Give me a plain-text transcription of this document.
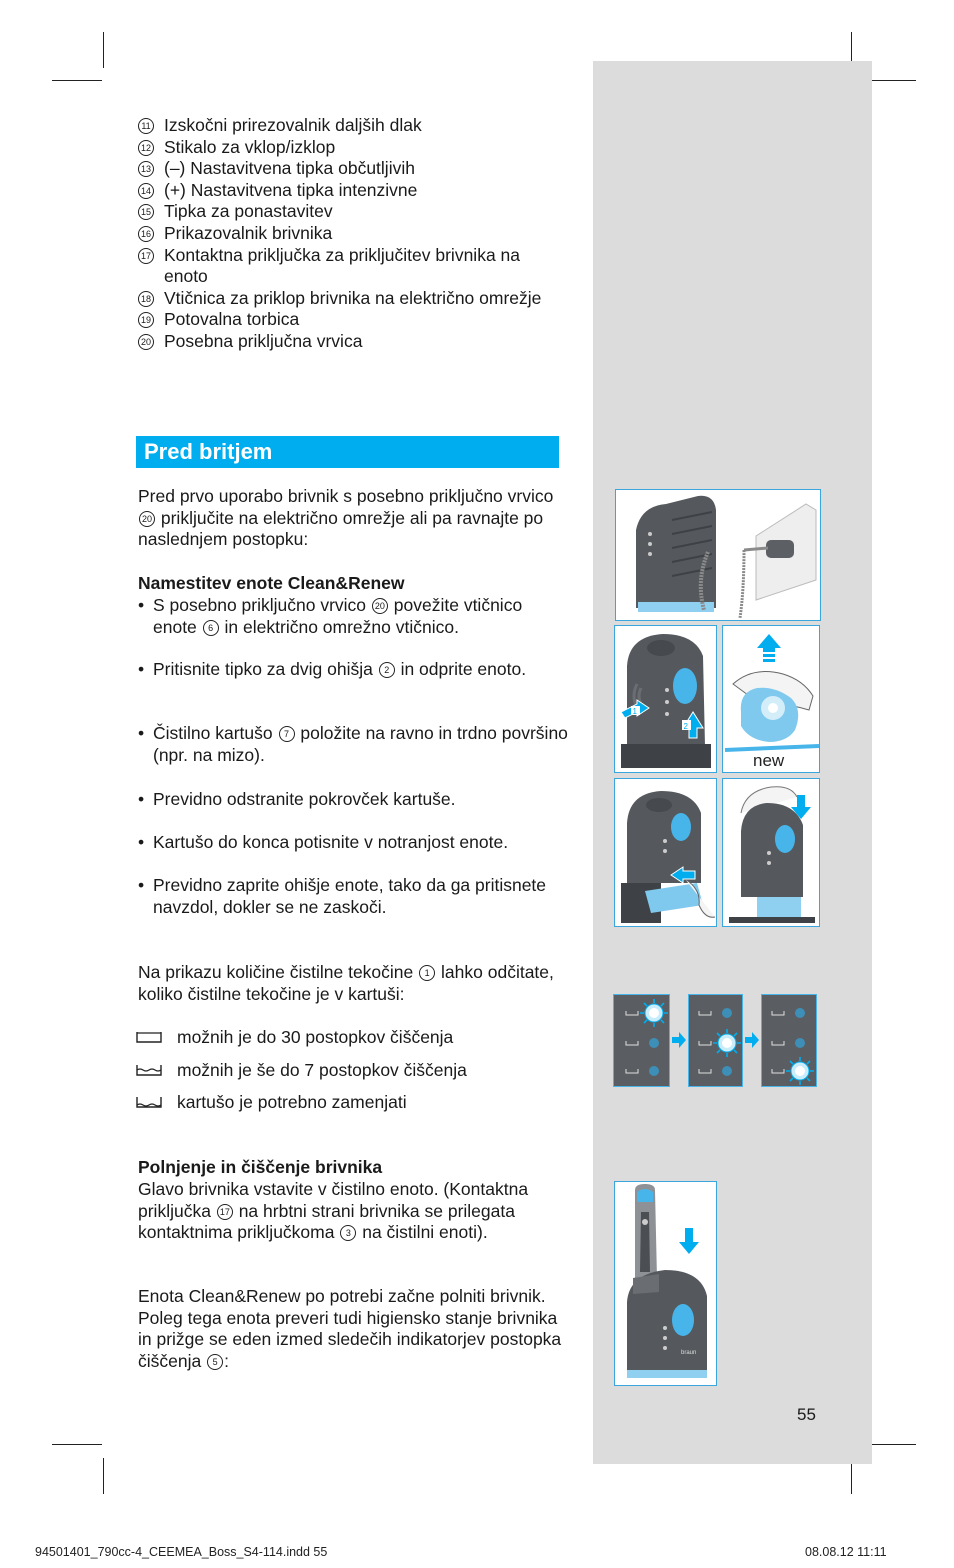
11 Izskočni prirezovalnik daljših dlak
12 Stikalo za vklop/izklop
13 (–) Nastavitvena tipka občutljivih
14 (+) Nastavitvena tipka intenzivne
15 Tipka za ponastavitev
16 Prikazovalnik brivnika
17 Kontaktna priključka za priključitev brivnika na enoto
18 Vtičnica za priklop brivnika na električno omrežje
19 Potovalna torbica
20 Posebna priključna vrvica
Pred britjem
Pred prvo uporabo brivnik s posebno priključno vrvico 20 priključite na električno omrežje ali pa ravnajte po naslednjem postopku:
Namestitev enote Clean&Renew
• S posebno priključno vrvico 20 povežite vtičnico enote 6 in električno omrežno vtičnico.
• Pritisnite tipko za dvig ohišja 2 in odprite enoto.
• Čistilno kartušo 7 položite na ravno in trdno površino (npr. na mizo).
• Previdno odstranite pokrovček kartuše.
• Kartušo do konca potisnite v notranjost enote.
• Previdno zaprite ohišje enote, tako da ga pritisnete navzdol, dokler se ne zaskoči.
Na prikazu količine čistilne tekočine 1 lahko odčitate, koliko čistilne tekočine je v kartuši:
možnih je do 30 postopkov čiščenja
možnih je še do 7 postopkov čiščenja
kartušo je potrebno zamenjati
Polnjenje in čiščenje brivnika
Glavo brivnika vstavite v čistilno enoto. (Kontaktna priključka 17 na hrbtni strani brivnika se prilegata kontaktnima priključkoma 3 na čistilni enoti).
Enota Clean&Renew po potrebi začne polniti brivnik. Poleg tega enota preveri tudi higiensko stanje brivnika in prižge se eden izmed sledečih indikatorjev postopka čiščenja 5 :
1
2
new
braun
55
94501401_790cc-4_CEEMEA_Boss_S4-114.indd 55	08.08.12 11:11
